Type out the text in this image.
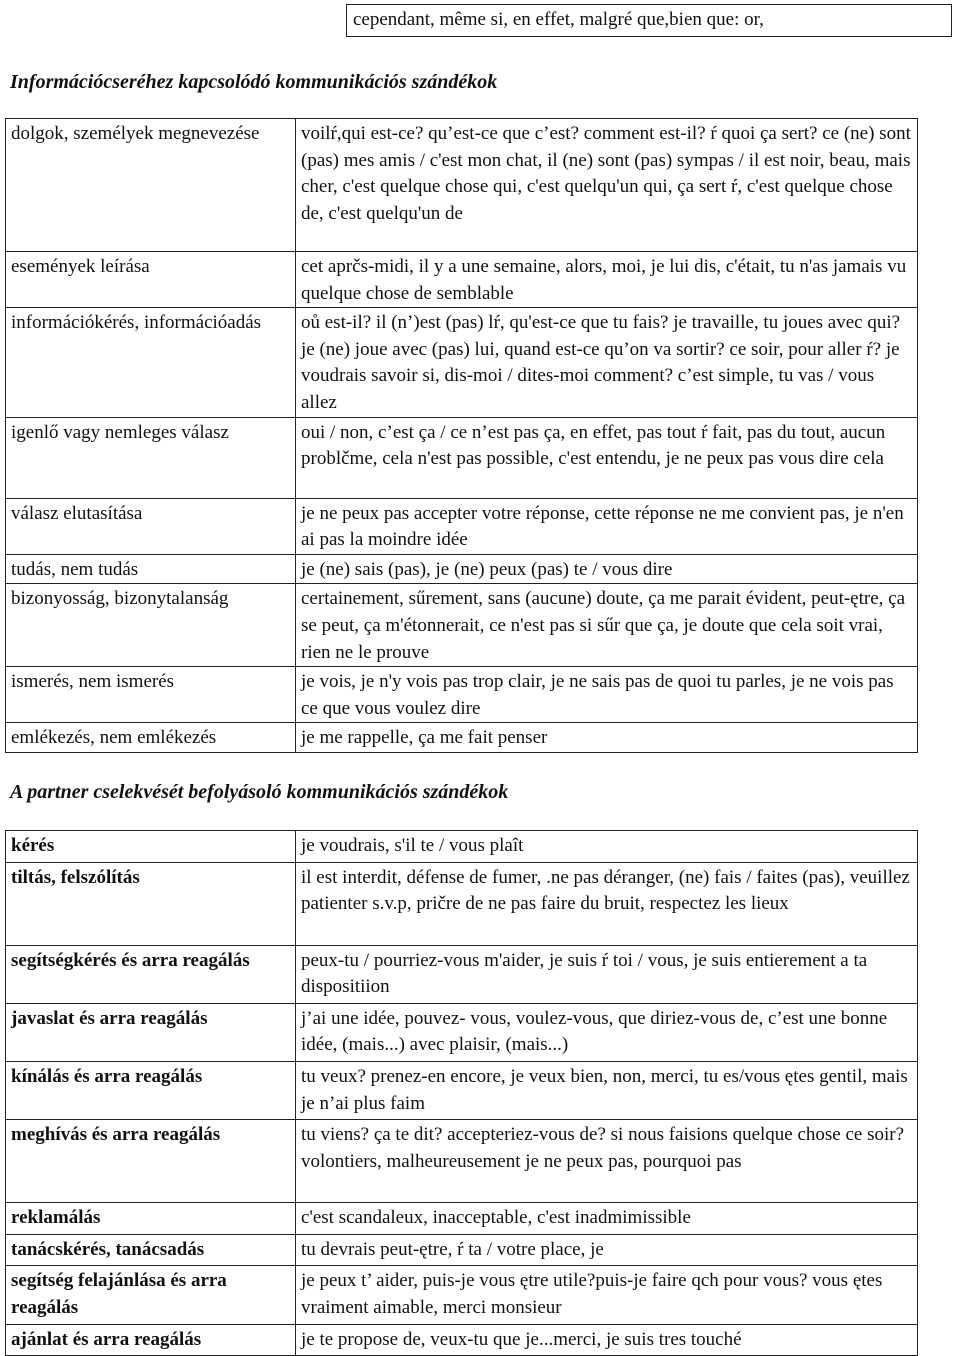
	cependant, même si, en effet, malgré que,bien que: or,
Információcseréhez kapcsolódó kommunikációs szándékok
dolgok, személyek megnevezése	voilŕ,qui est-ce? qu’est-ce que c’est? comment est-il? ŕ quoi ça sert? ce (ne) sont (pas) mes amis / c'est mon chat, il (ne) sont (pas) sympas / il est noir, beau, mais cher, c'est quelque chose qui, c'est quelqu'un qui, ça sert ŕ, c'est quelque chose de, c'est quelqu'un de
események leírása	cet aprčs-midi, il y a une semaine, alors, moi, je lui dis, c'était, tu n'as jamais vu quelque chose de semblable
információkérés, információadás	oů est-il? il (n’)est (pas) lŕ, qu'est-ce que tu fais? je travaille, tu joues avec qui? je (ne) joue avec (pas) lui, quand est-ce qu’on va sortir? ce soir, pour aller ŕ? je voudrais savoir si, dis-moi / dites-moi comment? c’est simple, tu vas / vous allez
igenlő vagy nemleges válasz	oui / non, c’est ça / ce n’est pas ça, en effet, pas tout ŕ fait, pas du tout, aucun problčme, cela n'est pas possible, c'est entendu, je ne peux pas vous dire cela
válasz elutasítása	je ne peux pas accepter votre réponse, cette réponse ne me convient pas, je n'en ai pas la moindre idée
tudás, nem tudás	je (ne) sais (pas), je (ne) peux (pas) te / vous dire
bizonyosság, bizonytalanság	certainement, sűrement, sans (aucune) doute, ça me parait évident, peut-ętre, ça se peut, ça m'étonnerait, ce n'est pas si sűr que ça, je doute que cela soit vrai, rien ne le prouve
ismerés, nem ismerés	je vois, je n'y vois pas trop clair, je ne sais pas de quoi tu parles, je ne vois pas ce que vous voulez dire
emlékezés, nem emlékezés	je me rappelle, ça me fait penser
A partner cselekvését befolyásoló kommunikációs szándékok
kérés	je voudrais, s'il te / vous plaît
tiltás, felszólítás	il est interdit, défense de fumer, .ne pas déranger, (ne) fais / faites (pas), veuillez patienter s.v.p, pričre de ne pas faire du bruit, respectez les lieux
segítségkérés és arra reagálás	peux-tu / pourriez-vous m'aider, je suis ŕ toi / vous, je suis entierement a ta dispositiion
javaslat és arra reagálás	j’ai une idée, pouvez- vous, voulez-vous, que diriez-vous de, c’est une bonne idée, (mais...) avec plaisir, (mais...)
kínálás és arra reagálás	tu veux? prenez-en encore, je veux bien, non, merci, tu es/vous ętes gentil, mais je n’ai plus faim
meghívás és arra reagálás	tu viens? ça te dit? accepteriez-vous de? si nous faisions quelque chose ce soir? volontiers, malheureusement je ne peux pas, pourquoi pas
reklamálás	c'est scandaleux, inacceptable, c'est inadmimissible
tanácskérés, tanácsadás	tu devrais peut-ętre, ŕ ta / votre place, je
segítség felajánlása és arra reagálás	je peux t’ aider, puis-je vous ętre utile?puis-je faire qch pour vous? vous ętes vraiment aimable, merci monsieur
ajánlat és arra reagálás	je te propose de, veux-tu que je...merci, je suis tres touché
